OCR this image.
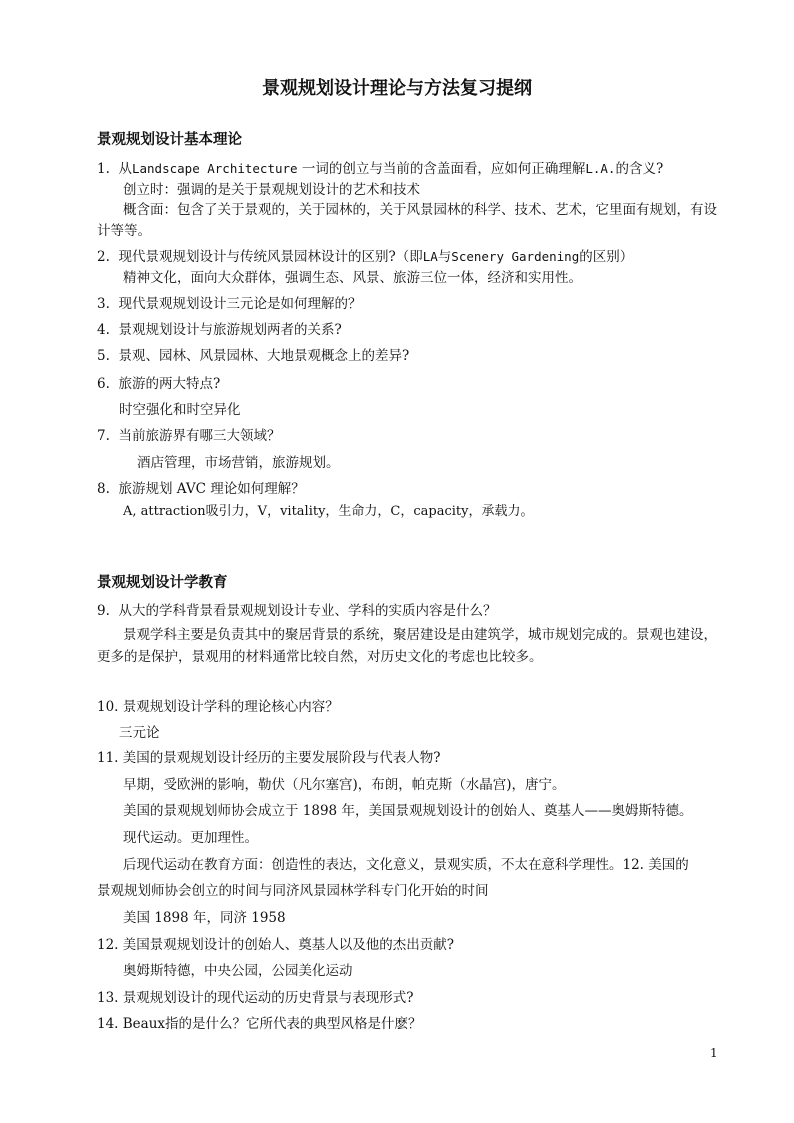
景观规划设计理论与方法复习提纲
景观规划设计基本理论
1. 从Landscape Architecture 一词的创立与当前的含盖面看，应如何正确理解L.A.的含义?
创立时：强调的是关于景观规划设计的艺术和技术
概含面：包含了关于景观的，关于园林的，关于风景园林的科学、技术、艺术，它里面有规划，有设计等等。
2. 现代景观规划设计与传统风景园林设计的区别?（即LA与Scenery Gardening的区别）
精神文化，面向大众群体，强调生态、风景、旅游三位一体，经济和实用性。
3. 现代景观规划设计三元论是如何理解的？
4. 景观规划设计与旅游规划两者的关系?
5. 景观、园林、风景园林、大地景观概念上的差异?
6. 旅游的两大特点?
时空强化和时空异化
7. 当前旅游界有哪三大领域？
酒店管理，市场营销，旅游规划。
8. 旅游规划 AVC 理论如何理解？
A, attraction吸引力，V，vitality，生命力，C，capacity，承载力。
景观规划设计学教育
9. 从大的学科背景看景观规划设计专业、学科的实质内容是什么？
景观学科主要是负责其中的聚居背景的系统，聚居建设是由建筑学，城市规划完成的。景观也建设，更多的是保护，景观用的材料通常比较自然，对历史文化的考虑也比较多。
10. 景观规划设计学科的理论核心内容？
三元论
11. 美国的景观规划设计经历的主要发展阶段与代表人物?
早期，受欧洲的影响，勒伏（凡尔塞宫)，布朗，帕克斯（水晶宫)，唐宁。
美国的景观规划师协会成立于 1898 年，美国景观规划设计的创始人、奠基人——奥姆斯特德。
现代运动。更加理性。
后现代运动在教育方面：创造性的表达，文化意义，景观实质，不太在意科学理性。12. 美国的
景观规划师协会创立的时间与同济风景园林学科专门化开始的时间
美国 1898 年，同济 1958
12. 美国景观规划设计的创始人、奠基人以及他的杰出贡献?
奥姆斯特德，中央公园，公园美化运动
13. 景观规划设计的现代运动的历史背景与表现形式?
14. Beaux指的是什么？它所代表的典型风格是什麽？
1
